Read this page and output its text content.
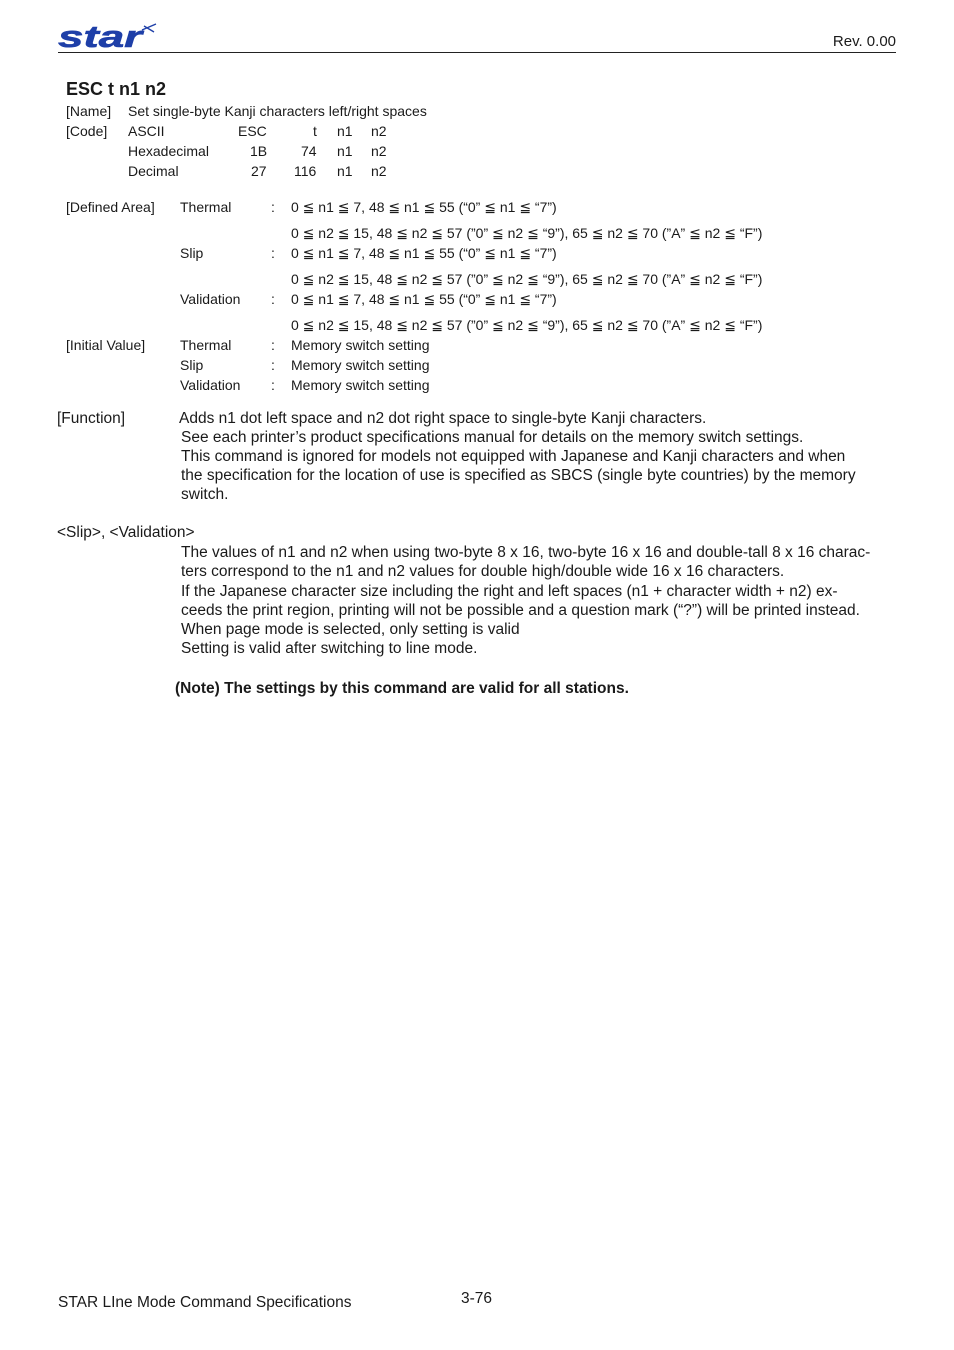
star	Rev. 0.00
ESC t n1 n2
[Name] Set single-byte Kanji characters left/right spaces
[Code] ASCII	ESC	t n1 n2
Hexadecimal	1B 74 n1 n2
Decimal	27 116 n1 n2
[Defined Area] Thermal	: 0 ≦ n1 ≦ 7, 48 ≦ n1 ≦ 55 (“0” ≦ n1 ≦ “7”)
0 ≦ n2 ≦ 15, 48 ≦ n2 ≦ 57 (”0” ≦ n2 ≦ “9”), 65 ≦ n2 ≦ 70 (”A” ≦ n2 ≦ “F”)
Slip	: 0 ≦ n1 ≦ 7, 48 ≦ n1 ≦ 55 (“0” ≦ n1 ≦ “7”)
0 ≦ n2 ≦ 15, 48 ≦ n2 ≦ 57 (”0” ≦ n2 ≦ “9”), 65 ≦ n2 ≦ 70 (”A” ≦ n2 ≦ “F”)
Validation : 0 ≦ n1 ≦ 7, 48 ≦ n1 ≦ 55 (“0” ≦ n1 ≦ “7”)
0 ≦ n2 ≦ 15, 48 ≦ n2 ≦ 57 (”0” ≦ n2 ≦ “9”), 65 ≦ n2 ≦ 70 (”A” ≦ n2 ≦ “F”)
[Initial Value] Thermal	: Memory switch setting
Slip	: Memory switch setting
Validation : Memory switch setting
[Function]	Adds n1 dot left space and n2 dot right space to single-byte Kanji characters.
See each printer’s product specifications manual for details on the memory switch settings.
This command is ignored for models not equipped with Japanese and Kanji characters and when
the specification for the location of use is specified as SBCS (single byte countries) by the memory
switch.
<Slip>, <Validation>
The values of n1 and n2 when using two-byte 8 x 16, two-byte 16 x 16 and double-tall 8 x 16 charac-
ters correspond to the n1 and n2 values for double high/double wide 16 x 16 characters.
If the Japanese character size including the right and left spaces (n1 + character width + n2) ex-
ceeds the print region, printing will not be possible and a question mark (“?”) will be printed instead.
When page mode is selected, only setting is valid
Setting is valid after switching to line mode.
(Note) The settings by this command are valid for all stations.
STAR LIne Mode Command Specifications	3-76
